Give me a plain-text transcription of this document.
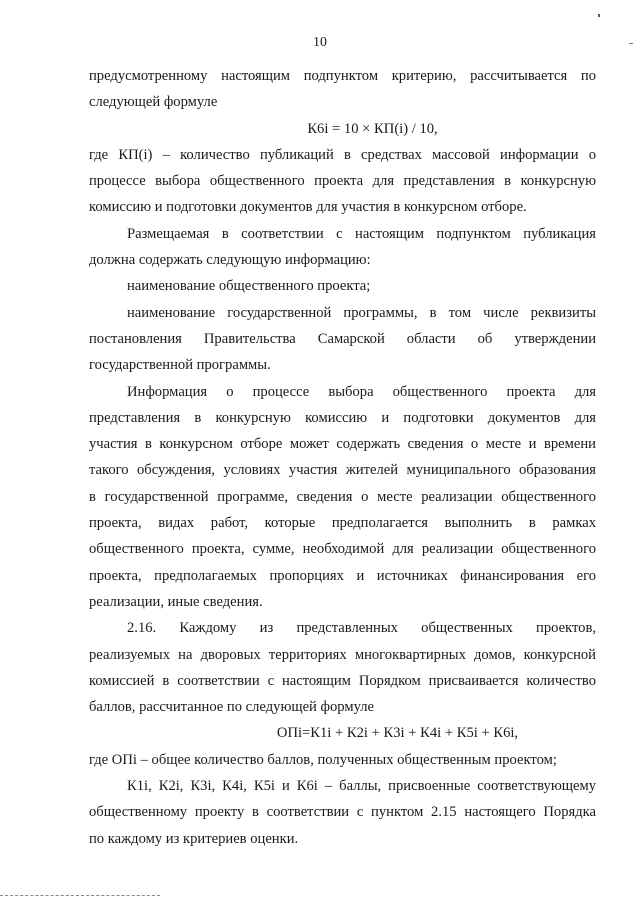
10

предусмотренному настоящим подпунктом критерию, рассчитывается по

следующей формуле

К6i = 10 × КП(i) / 10,

где КП(i) – количество публикаций в средствах массовой информации о

процессе выбора общественного проекта для представления в конкурсную

комиссию и подготовки документов для участия в конкурсном отборе.

Размещаемая в соответствии с настоящим подпунктом публикация

должна содержать следующую информацию:

наименование общественного проекта;

наименование государственной программы, в том числе реквизиты

постановления Правительства Самарской области об утверждении

государственной программы.

Информация о процессе выбора общественного проекта для

представления в конкурсную комиссию и подготовки документов для

участия в конкурсном отборе может содержать сведения о месте и времени

такого обсуждения, условиях участия жителей муниципального образования

в государственной программе, сведения о месте реализации общественного

проекта, видах работ, которые предполагается выполнить в рамках

общественного проекта, сумме, необходимой для реализации общественного

проекта, предполагаемых пропорциях и источниках финансирования его

реализации, иные сведения.

2.16. Каждому из представленных общественных проектов,

реализуемых на дворовых территориях многоквартирных домов, конкурсной

комиссией в соответствии с настоящим Порядком присваивается количество

баллов, рассчитанное по следующей формуле

ОПi=К1i + К2i + К3i + К4i + К5i + К6i,

где ОПi – общее количество баллов, полученных общественным проектом;

К1i, К2i, К3i, К4i, К5i и К6i – баллы, присвоенные соответствующему

общественному проекту в соответствии с пунктом 2.15 настоящего Порядка

по каждому из критериев оценки.
